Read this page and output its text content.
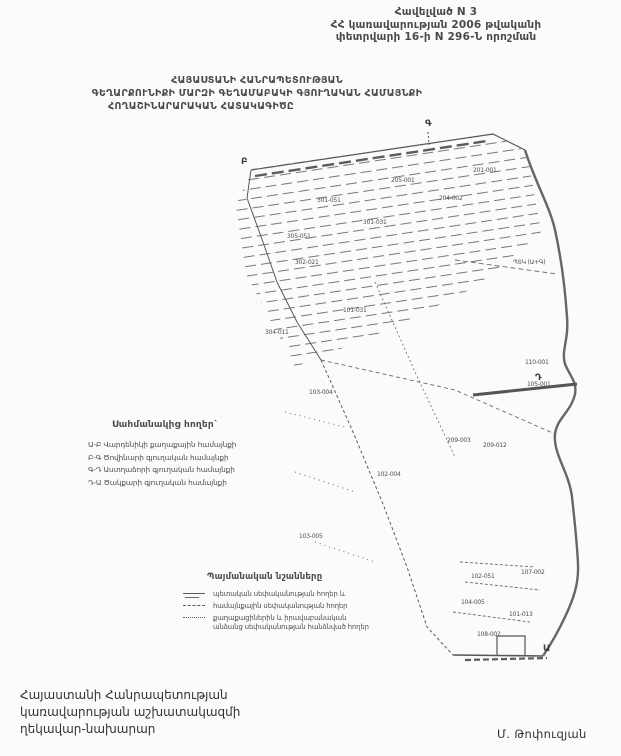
Հավելված N 3
ՀՀ կառավարության 2006 թվականի
փետրվարի 16-ի N 296-Ն որոշման
ՀԱՅԱՍՏԱՆԻ ՀԱՆՐԱՊԵՏՈՒԹՅԱՆ
ԳԵՂԱՐՔՈՒՆԻՔԻ ՄԱՐԶԻ ԳԵՂԱՄԱԲԱԿԻ ԳՅՈՒՂԱԿԱՆ ՀԱՄԱՅՆՔԻ
ՀՈՂԱՇԻՆԱՐԱՐԱԿԱՆ ՀԱՏԱԿԱԳԻԾԸ
301-051
205-001
201-001
204-002
301-031
305-051
302-021	ՊՏԿ (Ա+Գ)
101-031
304-011
110-001
105-001
103-004
209-003
209-012
102-004
103-005
102-051
107-002
104-005
101-013
108-002
Գ
Բ
Դ
Ա
Սահմանակից հողեր`
Ա-Բ Վարդենիկի քաղաքային համայնքի
Բ-Գ Ծովինարի գյուղական համայնքի
Գ-Դ Աստղաձորի գյուղական համայնքի
Դ-Ա Ծակքարի գյուղական համայնքի
Պայմանական նշանները
պետական սեփականության հողեր և
համայնքային սեփականության հողեր
քաղաքացիներին և իրավաբանական անձանց սեփականության հանձնված հողեր
Հայաստանի Հանրապետության
կառավարության աշխատակազմի
ղեկավար-նախարար	Մ. Թոփուզյան
